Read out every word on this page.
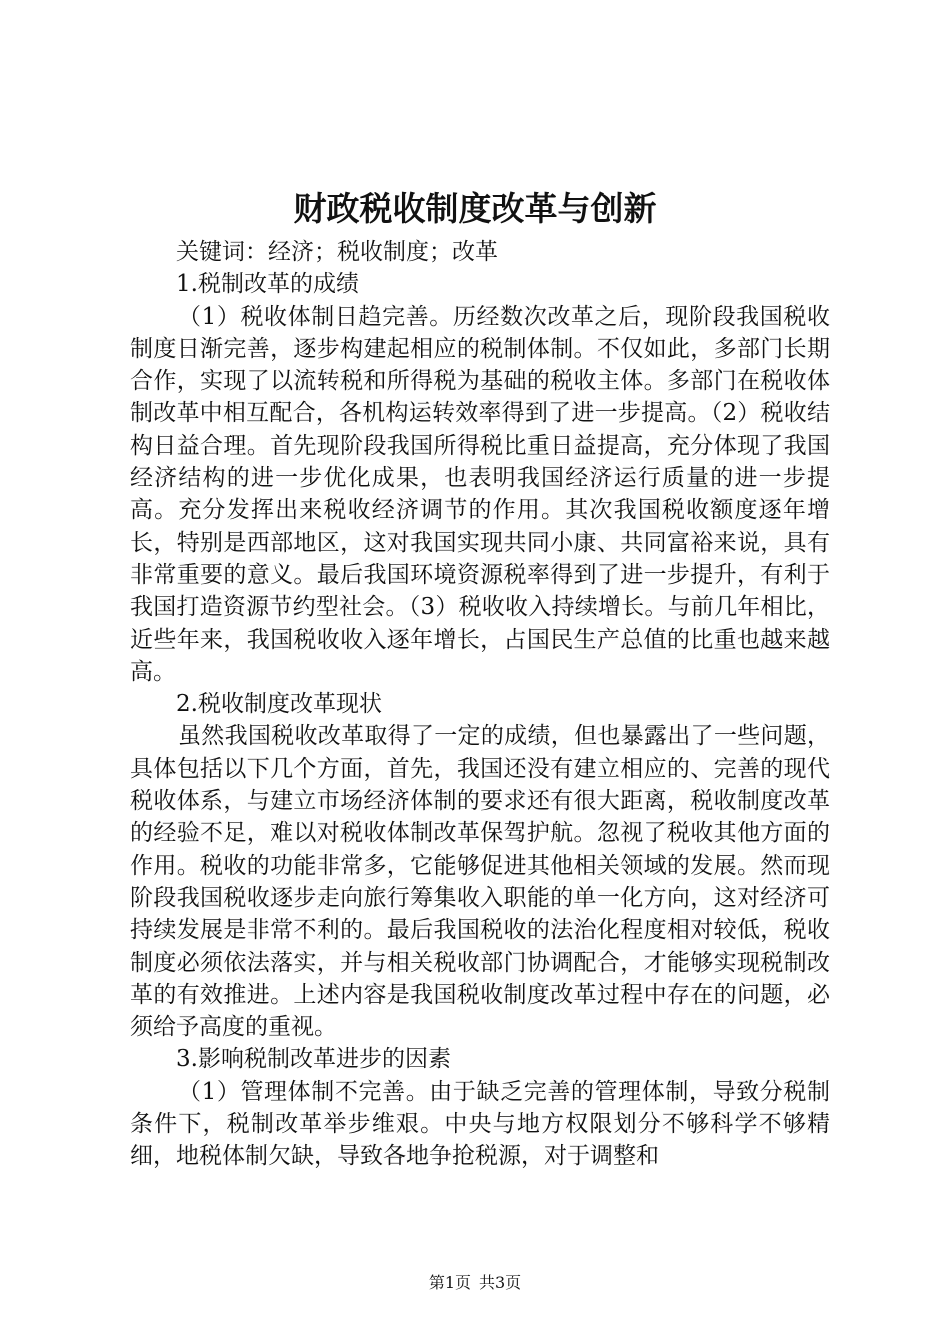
财政税收制度改革与创新

关键词：经济；税收制度；改革

1.税制改革的成绩

（1）税收体制日趋完善。历经数次改革之后，现阶段我国税收制度日渐完善，逐步构建起相应的税制体制。不仅如此，多部门长期合作，实现了以流转税和所得税为基础的税收主体。多部门在税收体制改革中相互配合，各机构运转效率得到了进一步提高。（2）税收结构日益合理。首先现阶段我国所得税比重日益提高，充分体现了我国经济结构的进一步优化成果，也表明我国经济运行质量的进一步提高。充分发挥出来税收经济调节的作用。其次我国税收额度逐年增长，特别是西部地区，这对我国实现共同小康、共同富裕来说，具有非常重要的意义。最后我国环境资源税率得到了进一步提升，有利于我国打造资源节约型社会。（3）税收收入持续增长。与前几年相比，近些年来，我国税收收入逐年增长，占国民生产总值的比重也越来越高。

2.税收制度改革现状

虽然我国税收改革取得了一定的成绩，但也暴露出了一些问题，具体包括以下几个方面，首先，我国还没有建立相应的、完善的现代税收体系，与建立市场经济体制的要求还有很大距离，税收制度改革的经验不足，难以对税收体制改革保驾护航。忽视了税收其他方面的作用。税收的功能非常多，它能够促进其他相关领域的发展。然而现阶段我国税收逐步走向旅行筹集收入职能的单一化方向，这对经济可持续发展是非常不利的。最后我国税收的法治化程度相对较低，税收制度必须依法落实，并与相关税收部门协调配合，才能够实现税制改革的有效推进。上述内容是我国税收制度改革过程中存在的问题，必须给予高度的重视。

3.影响税制改革进步的因素

（1）管理体制不完善。由于缺乏完善的管理体制，导致分税制条件下，税制改革举步维艰。中央与地方权限划分不够科学不够精细，地税体制欠缺，导致各地争抢税源，对于调整和

第1页 共3页
